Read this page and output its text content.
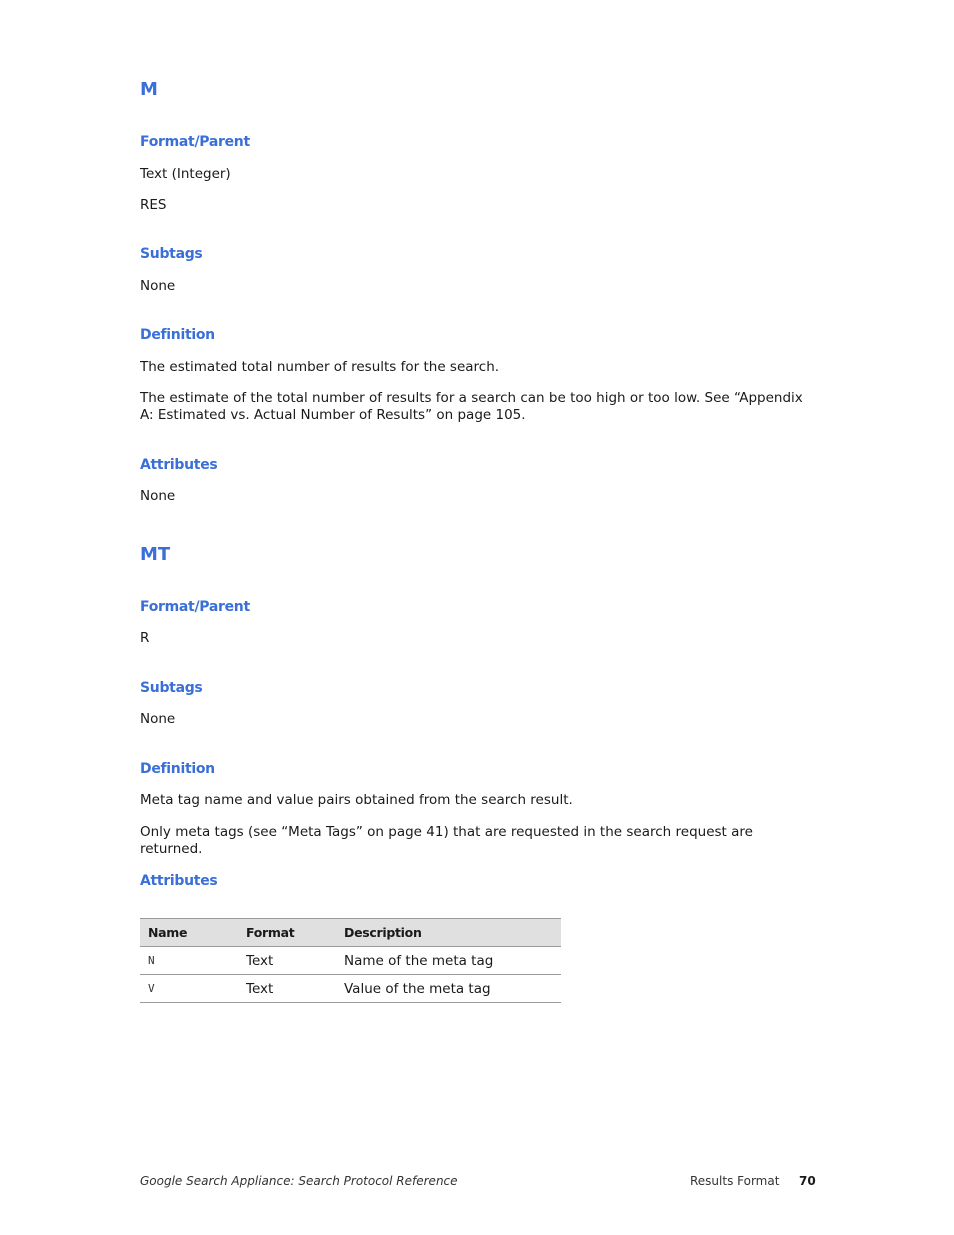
M
Format/Parent

Text (Integer)

RES

Subtags

None

Definition

The estimated total number of results for the search.

The estimate of the total number of results for a search can be too high or too low. See “Appendix A: Estimated vs. Actual Number of Results” on page 105.

Attributes

None

MT
Format/Parent

R

Subtags

None

Definition

Meta tag name and value pairs obtained from the search result.

Only meta tags (see “Meta Tags” on page 41) that are requested in the search request are returned.

Attributes
Name	Format	Description
N	Text	Name of the meta tag
V	Text	Value of the meta tag
Google Search Appliance: Search Protocol Reference	Results Format 70
